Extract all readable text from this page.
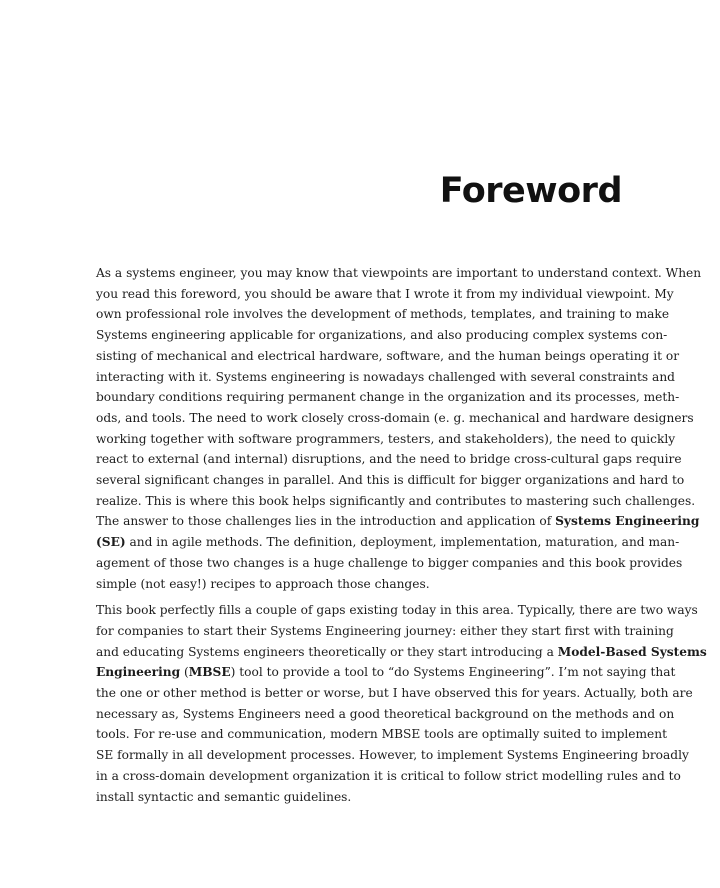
Foreword

As a systems engineer, you may know that viewpoints are important to understand context. When
you read this foreword, you should be aware that I wrote it from my individual viewpoint. My
own professional role involves the development of methods, templates, and training to make
Systems engineering applicable for organizations, and also producing complex systems con-
sisting of mechanical and electrical hardware, software, and the human beings operating it or
interacting with it. Systems engineering is nowadays challenged with several constraints and
boundary conditions requiring permanent change in the organization and its processes, meth-
ods, and tools. The need to work closely cross-domain (e. g. mechanical and hardware designers
working together with software programmers, testers, and stakeholders), the need to quickly
react to external (and internal) disruptions, and the need to bridge cross-cultural gaps require
several significant changes in parallel. And this is difficult for bigger organizations and hard to
realize. This is where this book helps significantly and contributes to mastering such challenges.
The answer to those challenges lies in the introduction and application of Systems Engineering
(SE) and in agile methods. The definition, deployment, implementation, maturation, and man-
agement of those two changes is a huge challenge to bigger companies and this book provides
simple (not easy!) recipes to approach those changes.

This book perfectly fills a couple of gaps existing today in this area. Typically, there are two ways
for companies to start their Systems Engineering journey: either they start first with training
and educating Systems engineers theoretically or they start introducing a Model-Based Systems
Engineering (MBSE) tool to provide a tool to “do Systems Engineering”. I’m not saying that
the one or other method is better or worse, but I have observed this for years. Actually, both are
necessary as, Systems Engineers need a good theoretical background on the methods and on
tools. For re-use and communication, modern MBSE tools are optimally suited to implement
SE formally in all development processes. However, to implement Systems Engineering broadly
in a cross-domain development organization it is critical to follow strict modelling rules and to
install syntactic and semantic guidelines.
